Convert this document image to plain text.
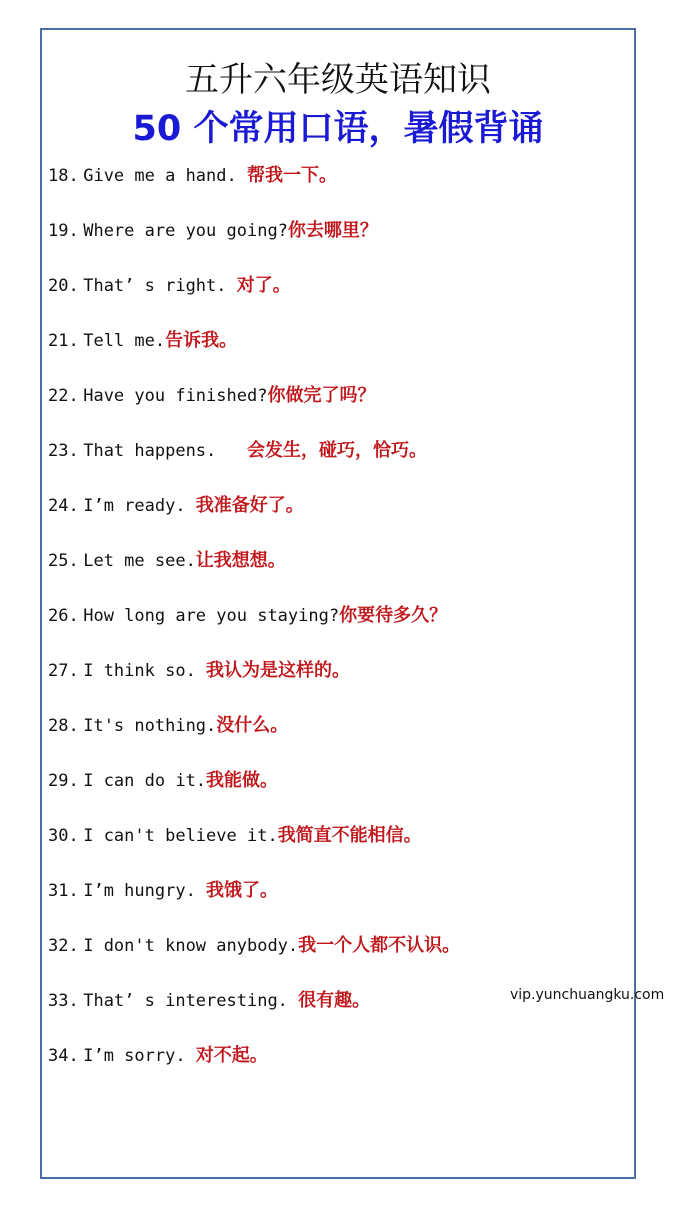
五升六年级英语知识
50 个常用口语，暑假背诵
18. Give me a hand. 帮我一下。
19. Where are you going?你去哪里？
20. That’ s right. 对了。
21. Tell me.告诉我。
22. Have you finished?你做完了吗？
23. That happens.   会发生，碰巧，恰巧。
24. I’m ready. 我准备好了。
25. Let me see.让我想想。
26. How long are you staying?你要待多久？
27. I think so. 我认为是这样的。
28. It's nothing.没什么。
29. I can do it.我能做。
30. I can't believe it.我简直不能相信。
31. I’m hungry. 我饿了。
32. I don't know anybody.我一个人都不认识。
33. That’ s interesting. 很有趣。
34. I’m sorry. 对不起。
vip.yunchuangku.com
